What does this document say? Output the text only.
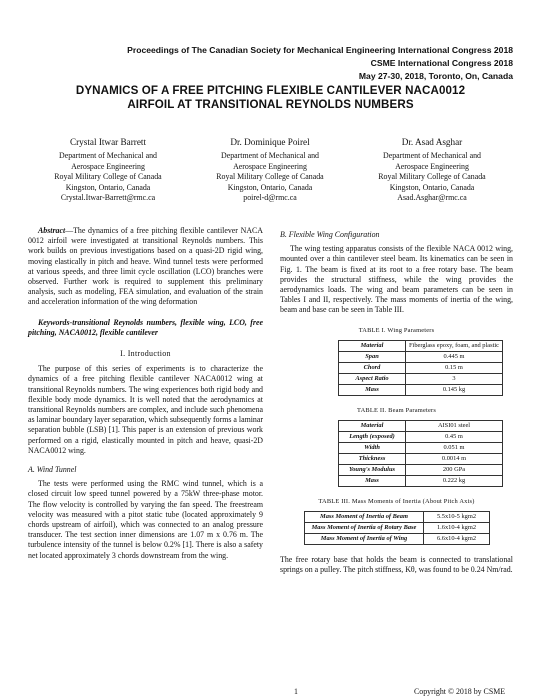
Proceedings of The Canadian Society for Mechanical Engineering International Congress 2018
CSME International Congress 2018
May 27-30, 2018, Toronto, On, Canada
DYNAMICS OF A FREE PITCHING FLEXIBLE CANTILEVER NACA0012
AIRFOIL AT TRANSITIONAL REYNOLDS NUMBERS
Crystal Itwar Barrett
Department of Mechanical and
Aerospace Engineering
Royal Military College of Canada
Kingston, Ontario, Canada
Crystal.Itwar-Barrett@rmc.ca
Dr. Dominique Poirel
Department of Mechanical and
Aerospace Engineering
Royal Military College of Canada
Kingston, Ontario, Canada
poirel-d@rmc.ca
Dr. Asad Asghar
Department of Mechanical and
Aerospace Engineering
Royal Military College of Canada
Kingston, Ontario, Canada
Asad.Asghar@rmc.ca

Abstract—The dynamics of a free pitching flexible cantilever NACA 0012 airfoil were investigated at transitional Reynolds numbers. This work builds on previous investigations based on a quasi-2D rigid wing, moving elastically in pitch and heave. Wind tunnel tests were performed at various speeds, and three limit cycle oscillation (LCO) branches were observed. Further work is required to supplement this preliminary analysis, such as modeling, FEA simulation, and evaluation of the strain and acceleration information of the wing deformation

Keywords-transitional Reynolds numbers, flexible wing, LCO, free pitching, NACA0012, flexible cantilever

I. Introduction

The purpose of this series of experiments is to characterize the dynamics of a free pitching flexible cantilever NACA0012 wing at transitional Reynolds numbers. The wing experiences both rigid body and flexible body mode dynamics. It is well noted that the aerodynamics at transitional Reynolds numbers are complex, and include such phenomena as laminar boundary layer separation, which subsequently forms a laminar separation bubble (LSB) [1]. This paper is an extension of previous work performed on a rigid, elastically mounted in pitch and heave, quasi-2D NACA0012 wing.

A. Wind Tunnel

The tests were performed using the RMC wind tunnel, which is a closed circuit low speed tunnel powered by a 75kW three-phase motor. The flow velocity is controlled by varying the fan speed. The freestream velocity was measured with a pitot static tube (located approximately 9 chords upstream of airfoil), which was connected to an analog pressure transducer. The test section inner dimensions are 1.07 m x 0.76 m. The turbulence intensity of the tunnel is below 0.2% [1]. There is also a safety net located approximately 3 chords downstream from the wing.

B. Flexible Wing Configuration

The wing testing apparatus consists of the flexible NACA 0012 wing, mounted over a thin cantilever steel beam. Its kinematics can be seen in Fig. 1. The beam is fixed at its root to a free rotary base. The beam provides the structural stiffness, while the wing provides the aerodynamics loads. The wing and beam parameters can be seen in Tables I and II, respectively. The mass moments of inertia of the wing, beam and base can be seen in Table III.

TABLE I. Wing Parameters

Material	Fiberglass epoxy, foam, and plastic
Span	0.445 m
Chord	0.15 m
Aspect Ratio	3
Mass	0.145 kg

TABLE II. Beam Parameters

Material	AISI01 steel
Length (exposed)	0.45 m
Width	0.051 m
Thickness	0.0014 m
Young's Modulus	200 GPa
Mass	0.222 kg

TABLE III. Mass Moments of Inertia (About Pitch Axis)

Mass Moment of Inertia of Beam	5.5x10-5 kgm2
Mass Moment of Inertia of Rotary Base	1.6x10-4 kgm2
Mass Moment of Inertia of Wing	6.6x10-4 kgm2

The free rotary base that holds the beam is connected to translational springs on a pulley. The pitch stiffness, Kθ, was found to be 0.24 Nm/rad.

1	Copyright © 2018 by CSME
